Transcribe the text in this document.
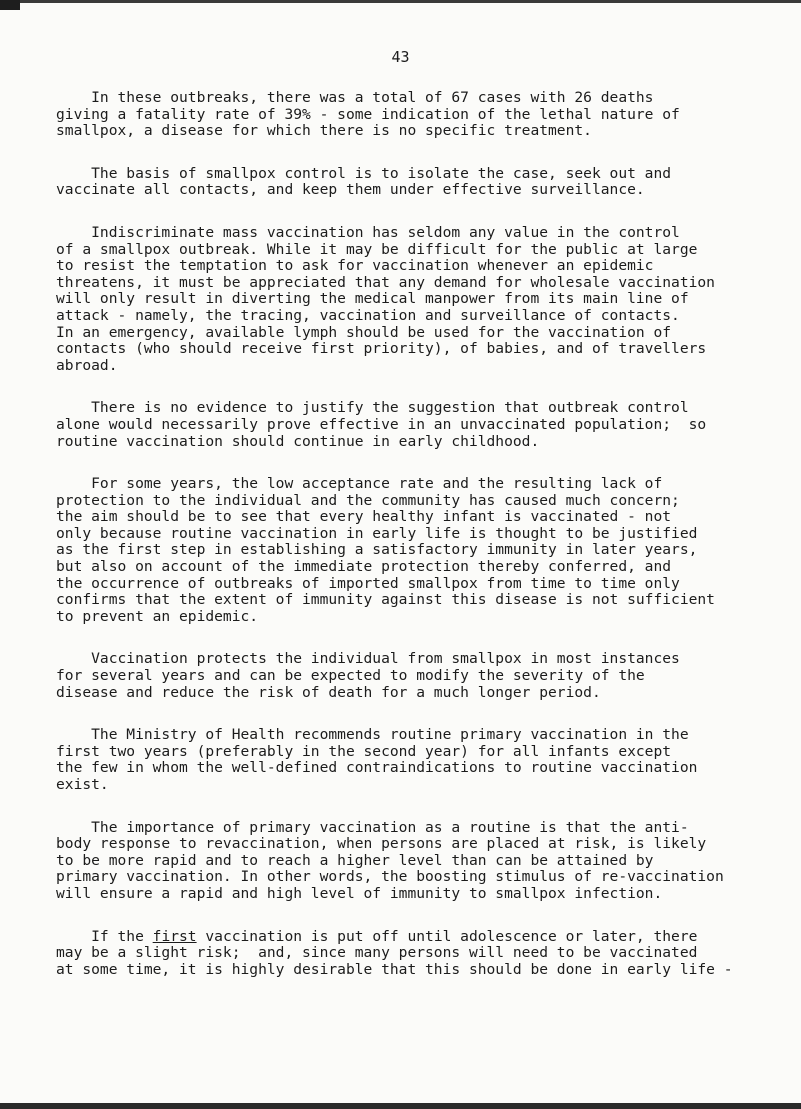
43
In these outbreaks, there was a total of 67 cases with 26 deaths
giving a fatality rate of 39% - some indication of the lethal nature of
smallpox, a disease for which there is no specific treatment.
The basis of smallpox control is to isolate the case, seek out and
vaccinate all contacts, and keep them under effective surveillance.
Indiscriminate mass vaccination has seldom any value in the control
of a smallpox outbreak. While it may be difficult for the public at large
to resist the temptation to ask for vaccination whenever an epidemic
threatens, it must be appreciated that any demand for wholesale vaccination
will only result in diverting the medical manpower from its main line of
attack - namely, the tracing, vaccination and surveillance of contacts.
In an emergency, available lymph should be used for the vaccination of
contacts (who should receive first priority), of babies, and of travellers
abroad.
There is no evidence to justify the suggestion that outbreak control
alone would necessarily prove effective in an unvaccinated population;  so
routine vaccination should continue in early childhood.
For some years, the low acceptance rate and the resulting lack of
protection to the individual and the community has caused much concern;
the aim should be to see that every healthy infant is vaccinated - not
only because routine vaccination in early life is thought to be justified
as the first step in establishing a satisfactory immunity in later years,
but also on account of the immediate protection thereby conferred, and
the occurrence of outbreaks of imported smallpox from time to time only
confirms that the extent of immunity against this disease is not sufficient
to prevent an epidemic.
Vaccination protects the individual from smallpox in most instances
for several years and can be expected to modify the severity of the
disease and reduce the risk of death for a much longer period.
The Ministry of Health recommends routine primary vaccination in the
first two years (preferably in the second year) for all infants except
the few in whom the well-defined contraindications to routine vaccination
exist.
The importance of primary vaccination as a routine is that the anti-
body response to revaccination, when persons are placed at risk, is likely
to be more rapid and to reach a higher level than can be attained by
primary vaccination. In other words, the boosting stimulus of re-vaccination
will ensure a rapid and high level of immunity to smallpox infection.
If the first vaccination is put off until adolescence or later, there
may be a slight risk;  and, since many persons will need to be vaccinated
at some time, it is highly desirable that this should be done in early life -
